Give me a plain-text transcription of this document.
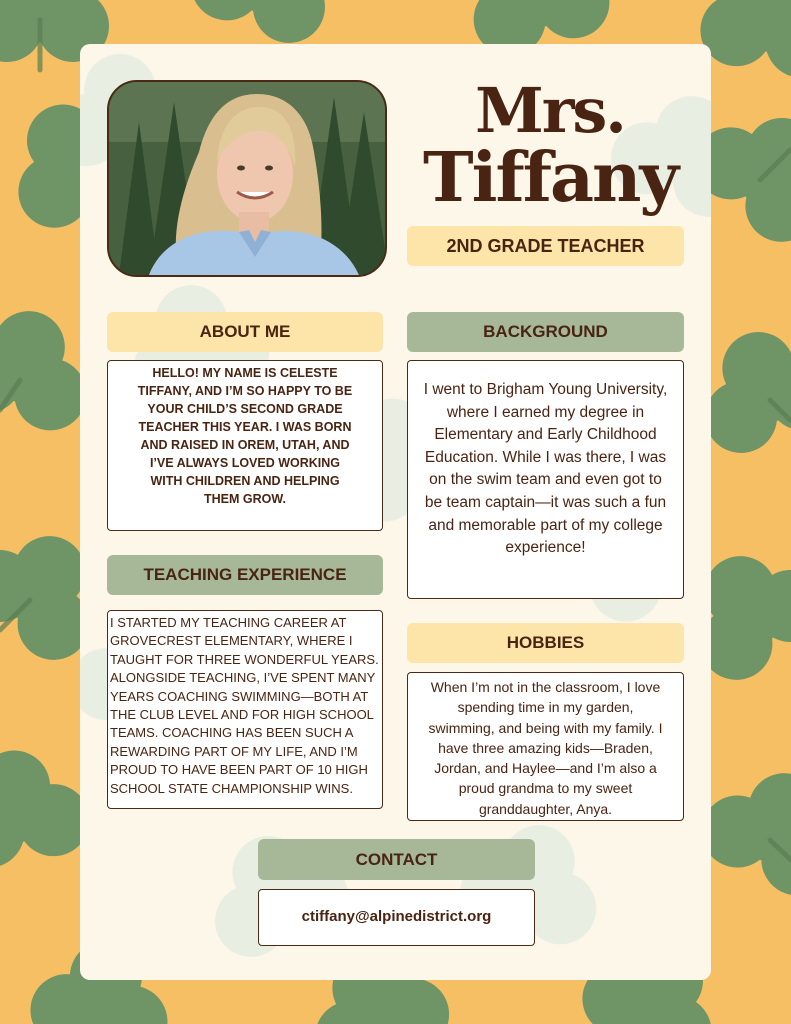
Mrs.
Tiffany
2ND GRADE TEACHER
ABOUT ME
HELLO! MY NAME IS CELESTE TIFFANY, AND I’M SO HAPPY TO BE YOUR CHILD’S SECOND GRADE TEACHER THIS YEAR. I WAS BORN AND RAISED IN OREM, UTAH, AND I’VE ALWAYS LOVED WORKING WITH CHILDREN AND HELPING THEM GROW.
BACKGROUND
I went to Brigham Young University, where I earned my degree in Elementary and Early Childhood Education. While I was there, I was on the swim team and even got to be team captain—it was such a fun and memorable part of my college experience!
TEACHING EXPERIENCE
I STARTED MY TEACHING CAREER AT GROVECREST ELEMENTARY, WHERE I TAUGHT FOR THREE WONDERFUL YEARS. ALONGSIDE TEACHING, I’VE SPENT MANY YEARS COACHING SWIMMING—BOTH AT THE CLUB LEVEL AND FOR HIGH SCHOOL TEAMS. COACHING HAS BEEN SUCH A REWARDING PART OF MY LIFE, AND I’M PROUD TO HAVE BEEN PART OF 10 HIGH SCHOOL STATE CHAMPIONSHIP WINS.
HOBBIES
When I’m not in the classroom, I love spending time in my garden, swimming, and being with my family. I have three amazing kids—Braden, Jordan, and Haylee—and I’m also a proud grandma to my sweet granddaughter, Anya.
CONTACT
ctiffany@alpinedistrict.org
